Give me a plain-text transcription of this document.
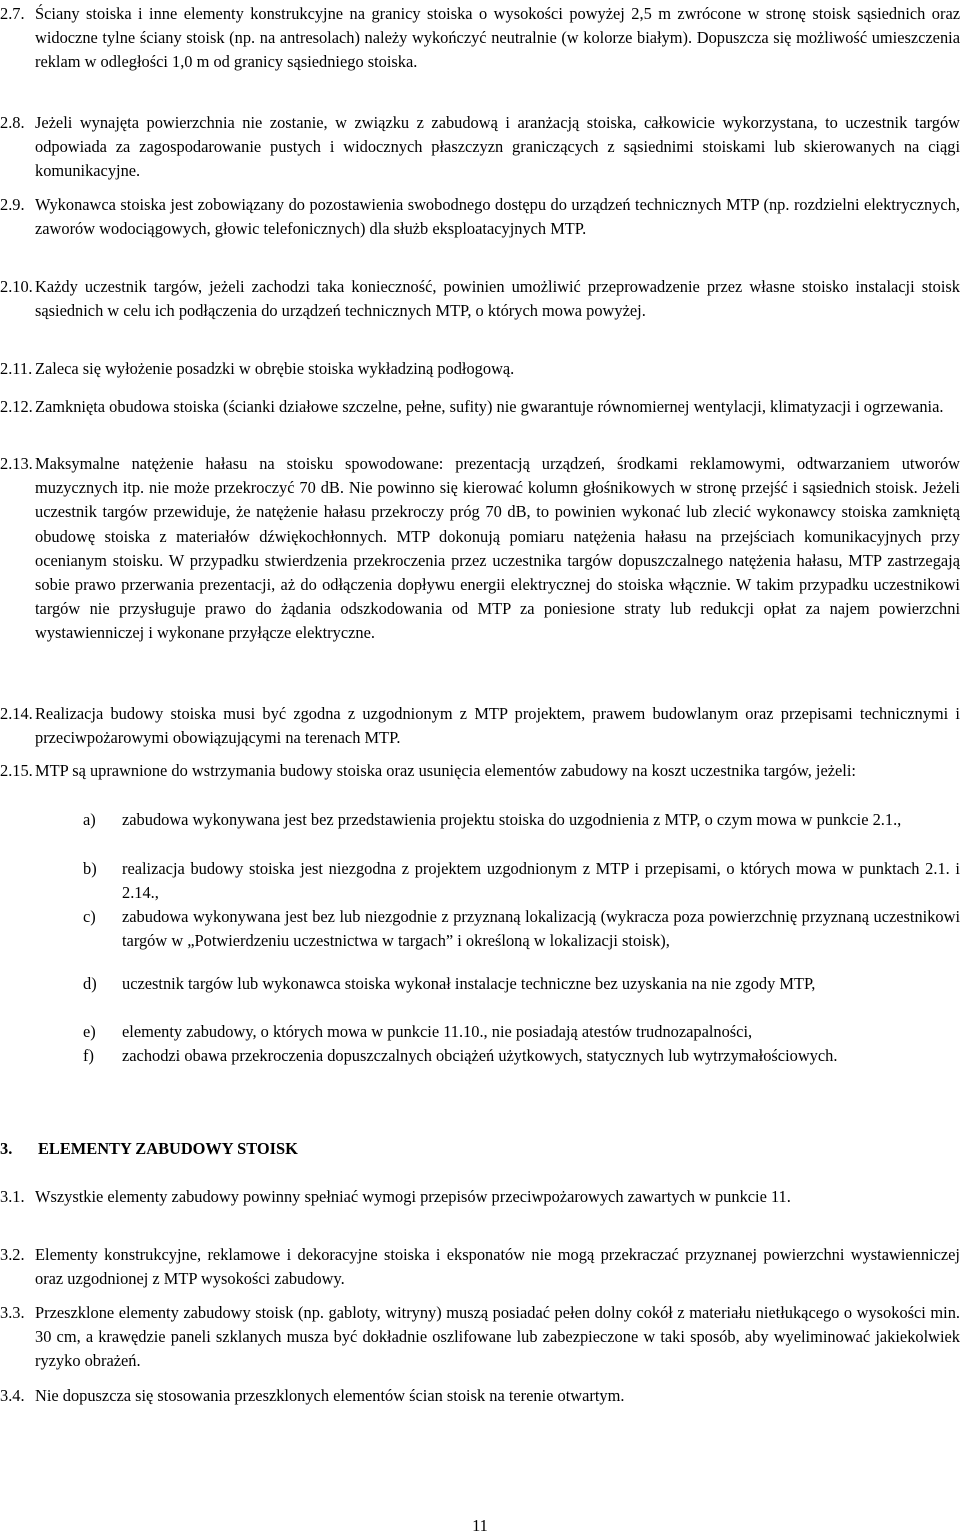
2.7. Ściany stoiska i inne elementy konstrukcyjne na granicy stoiska o wysokości powyżej 2,5 m zwrócone w stronę stoisk sąsiednich oraz widoczne tylne ściany stoisk (np. na antresolach) należy wykończyć neutralnie (w kolorze białym). Dopuszcza się możliwość umieszczenia reklam w odległości 1,0 m od granicy sąsiedniego stoiska.
2.8. Jeżeli wynajęta powierzchnia nie zostanie, w związku z zabudową i aranżacją stoiska, całkowicie wykorzystana, to uczestnik targów odpowiada za zagospodarowanie pustych i widocznych płaszczyzn graniczących z sąsiednimi stoiskami lub skierowanych na ciągi komunikacyjne.
2.9. Wykonawca stoiska jest zobowiązany do pozostawienia swobodnego dostępu do urządzeń technicznych MTP (np. rozdzielni elektrycznych, zaworów wodociągowych, głowic telefonicznych) dla służb eksploatacyjnych MTP.
2.10. Każdy uczestnik targów, jeżeli zachodzi taka konieczność, powinien umożliwić przeprowadzenie przez własne stoisko instalacji stoisk sąsiednich w celu ich podłączenia do urządzeń technicznych MTP, o których mowa powyżej.
2.11. Zaleca się wyłożenie posadzki w obrębie stoiska wykładziną podłogową.
2.12. Zamknięta obudowa stoiska (ścianki działowe szczelne, pełne, sufity) nie gwarantuje równomiernej wentylacji, klimatyzacji i ogrzewania.
2.13. Maksymalne natężenie hałasu na stoisku spowodowane: prezentacją urządzeń, środkami reklamowymi, odtwarzaniem utworów muzycznych itp. nie może przekroczyć 70 dB. Nie powinno się kierować kolumn głośnikowych w stronę przejść i sąsiednich stoisk. Jeżeli uczestnik targów przewiduje, że natężenie hałasu przekroczy próg 70 dB, to powinien wykonać lub zlecić wykonawcy stoiska zamkniętą obudowę stoiska z materiałów dźwiękochłonnych. MTP dokonują pomiaru natężenia hałasu na przejściach komunikacyjnych przy ocenianym stoisku. W przypadku stwierdzenia przekroczenia przez uczestnika targów dopuszczalnego natężenia hałasu, MTP zastrzegają sobie prawo przerwania prezentacji, aż do odłączenia dopływu energii elektrycznej do stoiska włącznie. W takim przypadku uczestnikowi targów nie przysługuje prawo do żądania odszkodowania od MTP za poniesione straty lub redukcji opłat za najem powierzchni wystawienniczej i wykonane przyłącze elektryczne.
2.14. Realizacja budowy stoiska musi być zgodna z uzgodnionym z MTP projektem, prawem budowlanym oraz przepisami technicznymi i przeciwpożarowymi obowiązującymi na terenach MTP.
2.15. MTP są uprawnione do wstrzymania budowy stoiska oraz usunięcia elementów zabudowy na koszt uczestnika targów, jeżeli:
a) zabudowa wykonywana jest bez przedstawienia projektu stoiska do uzgodnienia z MTP, o czym mowa w punkcie 2.1.,
b) realizacja budowy stoiska jest niezgodna z projektem uzgodnionym z MTP i przepisami, o których mowa w punktach 2.1. i 2.14.,
c) zabudowa wykonywana jest bez lub niezgodnie z przyznaną lokalizacją (wykracza poza powierzchnię przyznaną uczestnikowi targów w „Potwierdzeniu uczestnictwa w targach” i określoną w lokalizacji stoisk),
d) uczestnik targów lub wykonawca stoiska wykonał instalacje techniczne bez uzyskania na nie zgody MTP,
e) elementy zabudowy, o których mowa w punkcie 11.10., nie posiadają atestów trudnozapalności,
f) zachodzi obawa przekroczenia dopuszczalnych obciążeń użytkowych, statycznych lub wytrzymałościowych.
3. ELEMENTY ZABUDOWY STOISK
3.1. Wszystkie elementy zabudowy powinny spełniać wymogi przepisów przeciwpożarowych zawartych w punkcie 11.
3.2. Elementy konstrukcyjne, reklamowe i dekoracyjne stoiska i eksponatów nie mogą przekraczać przyznanej powierzchni wystawienniczej oraz uzgodnionej z MTP wysokości zabudowy.
3.3. Przeszklone elementy zabudowy stoisk (np. gabloty, witryny) muszą posiadać pełen dolny cokół z materiału nietłukącego o wysokości min. 30 cm, a krawędzie paneli szklanych musza być dokładnie oszlifowane lub zabezpieczone w taki sposób, aby wyeliminować jakiekolwiek ryzyko obrażeń.
3.4. Nie dopuszcza się stosowania przeszklonych elementów ścian stoisk na terenie otwartym.
11
